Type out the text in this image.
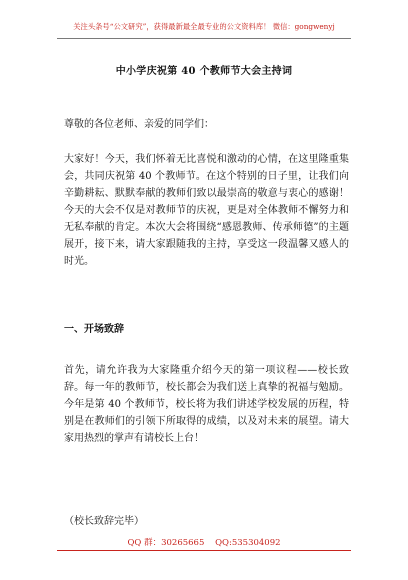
关注头条号“公文研究”，获得最新最全最专业的公文资料库！ 微信：gongwenyj
中小学庆祝第 40 个教师节大会主持词
尊敬的各位老师、亲爱的同学们：
大家好！今天，我们怀着无比喜悦和激动的心情，在这里隆重集会，共同庆祝第 40 个教师节。在这个特别的日子里，让我们向辛勤耕耘、默默奉献的教师们致以最崇高的敬意与衷心的感谢！今天的大会不仅是对教师节的庆祝，更是对全体教师不懈努力和无私奉献的肯定。本次大会将围绕“感恩教师、传承师德”的主题展开，接下来，请大家跟随我的主持，享受这一段温馨又感人的时光。
一、开场致辞
首先，请允许我为大家隆重介绍今天的第一项议程——校长致辞。每一年的教师节，校长都会为我们送上真挚的祝福与勉励。今年是第 40 个教师节，校长将为我们讲述学校发展的历程，特别是在教师们的引领下所取得的成绩，以及对未来的展望。请大家用热烈的掌声有请校长上台！
（校长致辞完毕）
QQ 群：30265665 QQ:535304092
